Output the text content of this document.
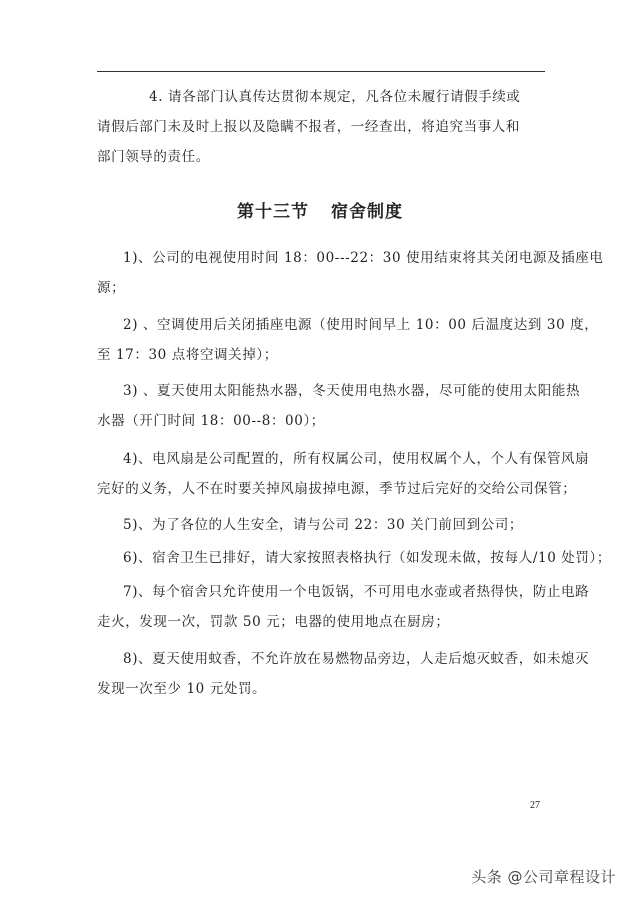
4. 请各部门认真传达贯彻本规定，凡各位未履行请假手续或
请假后部门未及时上报以及隐瞒不报者，一经查出，将追究当事人和
部门领导的责任。
第十三节 宿舍制度
1)、公司的电视使用时间 18：00---22：30 使用结束将其关闭电源及插座电
源；
2) 、空调使用后关闭插座电源（使用时间早上 10：00 后温度达到 30 度，
至 17：30 点将空调关掉）；
3) 、夏天使用太阳能热水器，冬天使用电热水器，尽可能的使用太阳能热
水器（开门时间 18：00--8：00）；
4)、电风扇是公司配置的，所有权属公司，使用权属个人，个人有保管风扇
完好的义务，人不在时要关掉风扇拔掉电源，季节过后完好的交给公司保管；
5)、为了各位的人生安全，请与公司 22：30 关门前回到公司；
6)、宿舍卫生已排好，请大家按照表格执行（如发现未做，按每人/10 处罚）；
7)、每个宿舍只允许使用一个电饭锅，不可用电水壶或者热得快，防止电路
走火，发现一次，罚款 50 元；电器的使用地点在厨房；
8)、夏天使用蚊香，不允许放在易燃物品旁边，人走后熄灭蚊香，如未熄灭
发现一次至少 10 元处罚。
27
头条 @公司章程设计
